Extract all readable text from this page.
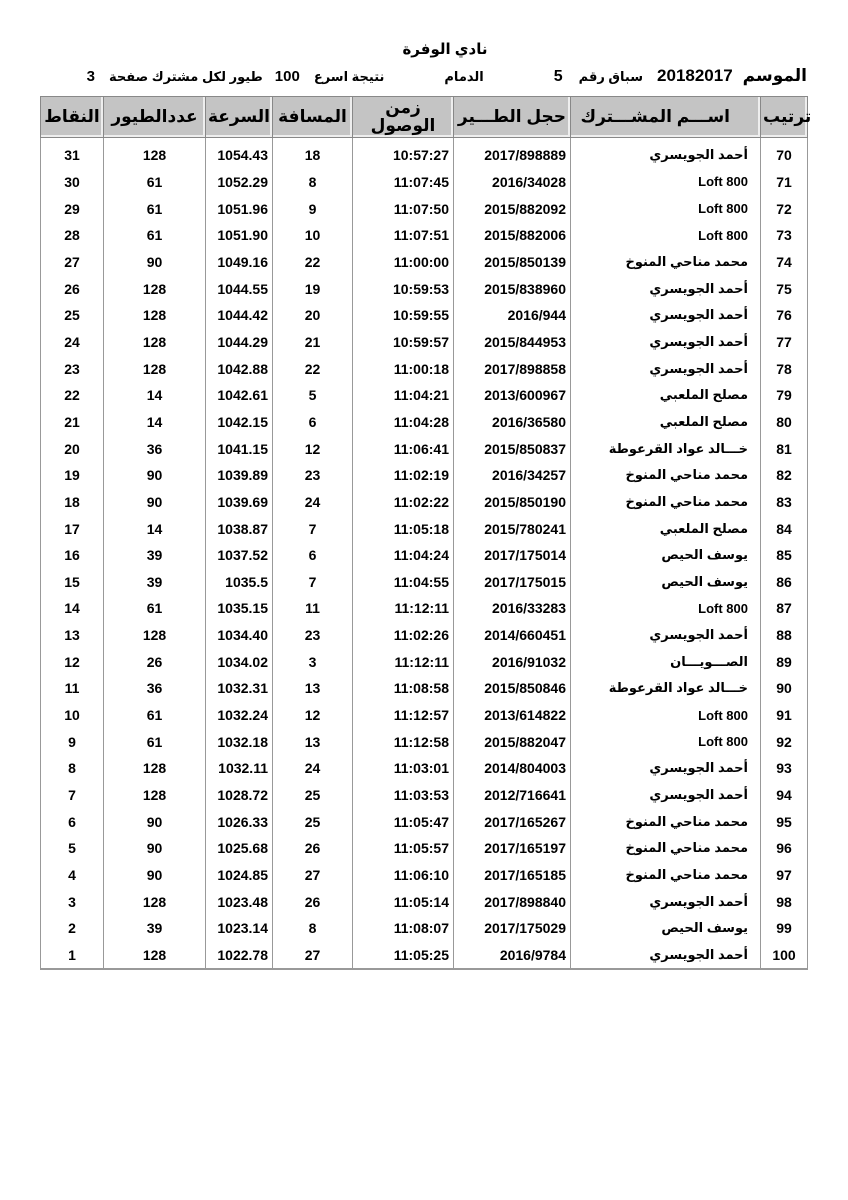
نادي الوفرة
الموسم
20182017
سباق رقم
5
الدمام
نتيجة اسرع
100
طيور لكل مشترك صفحة
3
النقاط	عددالطيور	السرعة	المسافة	زمن الوصول	حجل الطـــير	اســـم المشـــترك	ترتيب
31	128	1054.43	18	10:57:27	2017/898889	أحمد الجويسري	70
30	61	1052.29	8	11:07:45	2016/34028	Loft 800	71
29	61	1051.96	9	11:07:50	2015/882092	Loft 800	72
28	61	1051.90	10	11:07:51	2015/882006	Loft 800	73
27	90	1049.16	22	11:00:00	2015/850139	محمد مناحي المنوخ	74
26	128	1044.55	19	10:59:53	2015/838960	أحمد الجويسري	75
25	128	1044.42	20	10:59:55	2016/944	أحمد الجويسري	76
24	128	1044.29	21	10:59:57	2015/844953	أحمد الجويسري	77
23	128	1042.88	22	11:00:18	2017/898858	أحمد الجويسري	78
22	14	1042.61	5	11:04:21	2013/600967	مصلح الملعبي	79
21	14	1042.15	6	11:04:28	2016/36580	مصلح الملعبي	80
20	36	1041.15	12	11:06:41	2015/850837	خـــالد عواد القرعوطة	81
19	90	1039.89	23	11:02:19	2016/34257	محمد مناحي المنوخ	82
18	90	1039.69	24	11:02:22	2015/850190	محمد مناحي المنوخ	83
17	14	1038.87	7	11:05:18	2015/780241	مصلح الملعبي	84
16	39	1037.52	6	11:04:24	2017/175014	يوسف الحيص	85
15	39	1035.5	7	11:04:55	2017/175015	يوسف الحيص	86
14	61	1035.15	11	11:12:11	2016/33283	Loft 800	87
13	128	1034.40	23	11:02:26	2014/660451	أحمد الجويسري	88
12	26	1034.02	3	11:12:11	2016/91032	الصـــويـــان	89
11	36	1032.31	13	11:08:58	2015/850846	خـــالد عواد القرعوطة	90
10	61	1032.24	12	11:12:57	2013/614822	Loft 800	91
9	61	1032.18	13	11:12:58	2015/882047	Loft 800	92
8	128	1032.11	24	11:03:01	2014/804003	أحمد الجويسري	93
7	128	1028.72	25	11:03:53	2012/716641	أحمد الجويسري	94
6	90	1026.33	25	11:05:47	2017/165267	محمد مناحي المنوخ	95
5	90	1025.68	26	11:05:57	2017/165197	محمد مناحي المنوخ	96
4	90	1024.85	27	11:06:10	2017/165185	محمد مناحي المنوخ	97
3	128	1023.48	26	11:05:14	2017/898840	أحمد الجويسري	98
2	39	1023.14	8	11:08:07	2017/175029	يوسف الحيص	99
1	128	1022.78	27	11:05:25	2016/9784	أحمد الجويسري	100
